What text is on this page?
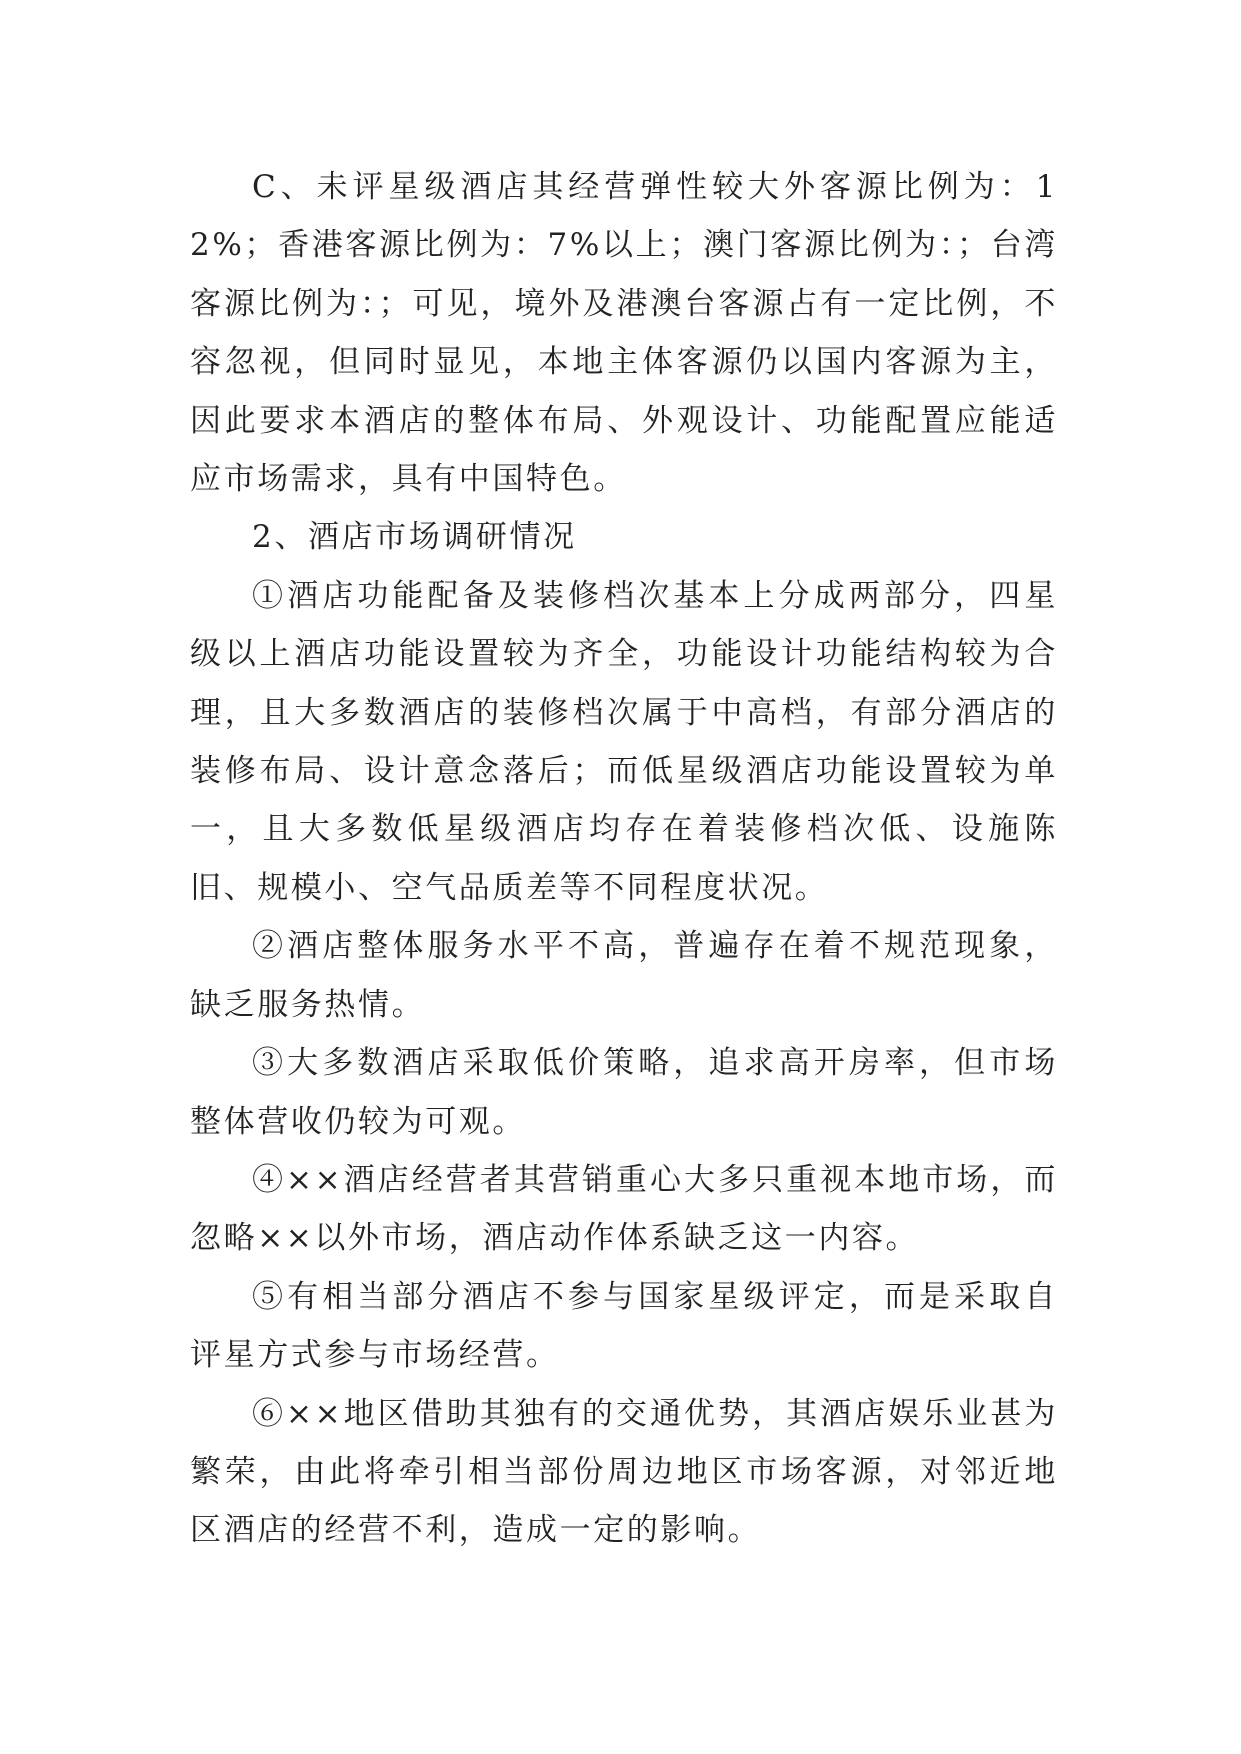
C、未评星级酒店其经营弹性较大外客源比例为：12%；香港客源比例为：7%以上；澳门客源比例为：；台湾客源比例为：；可见，境外及港澳台客源占有一定比例，不容忽视，但同时显见，本地主体客源仍以国内客源为主，因此要求本酒店的整体布局、外观设计、功能配置应能适应市场需求，具有中国特色。

2、酒店市场调研情况

①酒店功能配备及装修档次基本上分成两部分，四星级以上酒店功能设置较为齐全，功能设计功能结构较为合理，且大多数酒店的装修档次属于中高档，有部分酒店的装修布局、设计意念落后；而低星级酒店功能设置较为单一，且大多数低星级酒店均存在着装修档次低、设施陈旧、规模小、空气品质差等不同程度状况。

②酒店整体服务水平不高，普遍存在着不规范现象，缺乏服务热情。

③大多数酒店采取低价策略，追求高开房率，但市场整体营收仍较为可观。

④××酒店经营者其营销重心大多只重视本地市场，而忽略××以外市场，酒店动作体系缺乏这一内容。

⑤有相当部分酒店不参与国家星级评定，而是采取自评星方式参与市场经营。

⑥××地区借助其独有的交通优势，其酒店娱乐业甚为繁荣，由此将牵引相当部份周边地区市场客源，对邻近地区酒店的经营不利，造成一定的影响。
